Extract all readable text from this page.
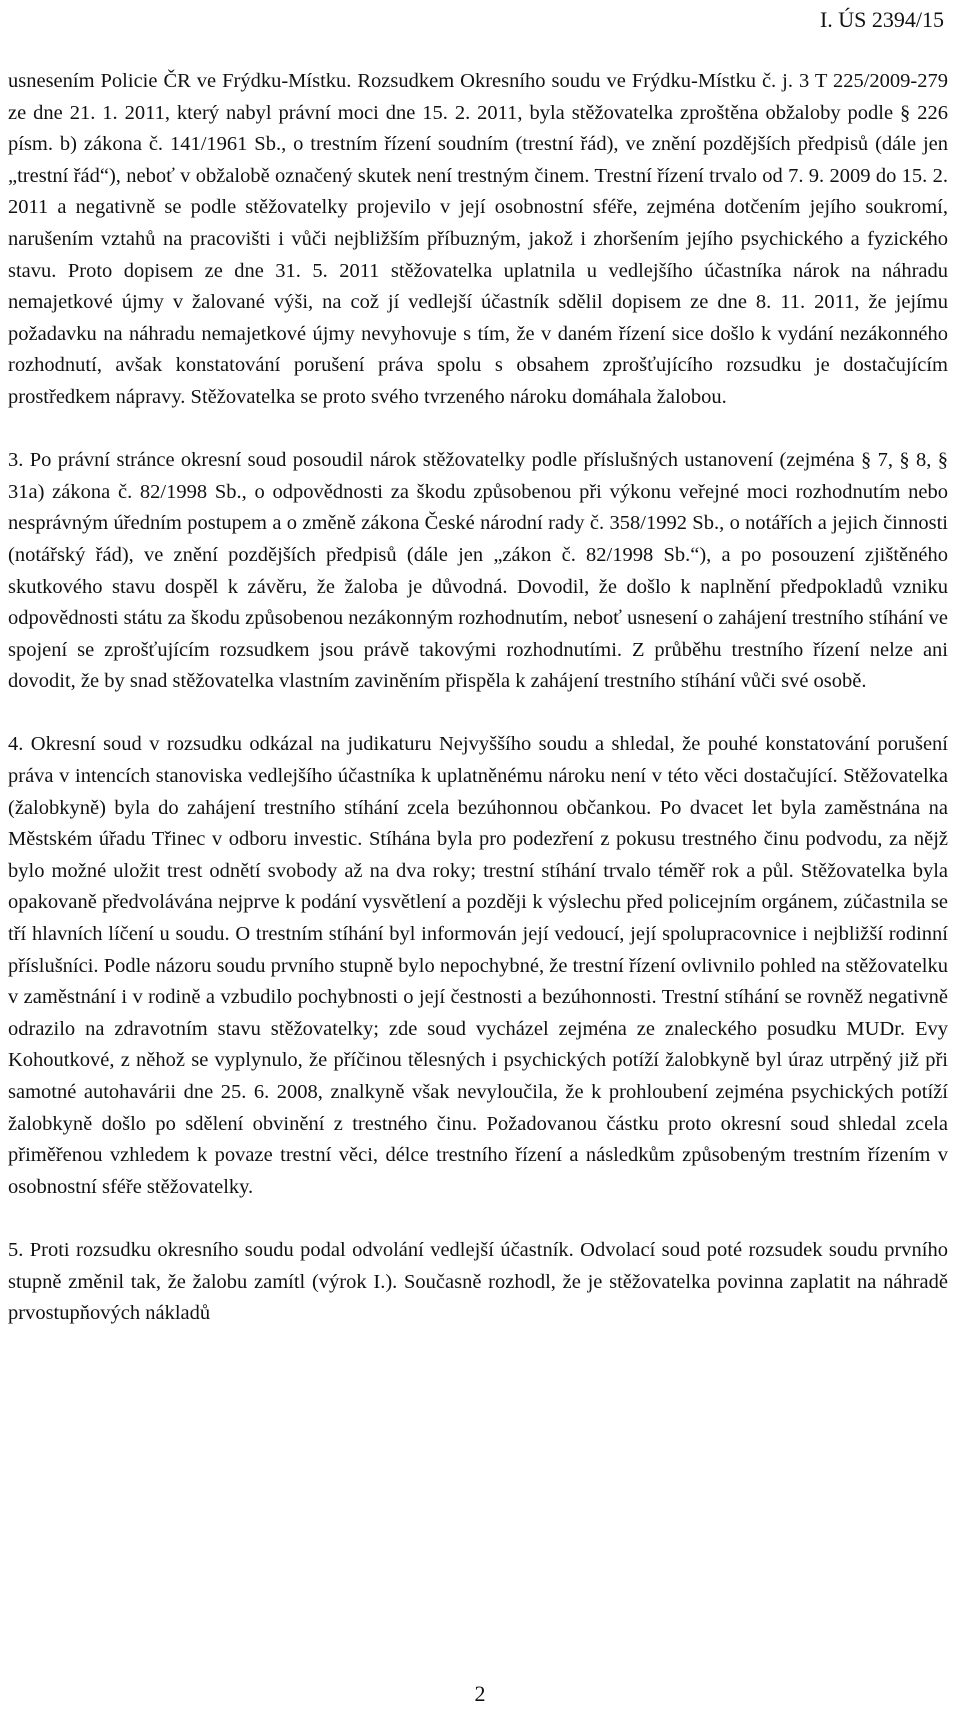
I. ÚS 2394/15

usnesením Policie ČR ve Frýdku-Místku. Rozsudkem Okresního soudu ve Frýdku-Místku č. j. 3 T 225/2009-279 ze dne 21. 1. 2011, který nabyl právní moci dne 15. 2. 2011, byla stěžovatelka zproštěna obžaloby podle § 226 písm. b) zákona č. 141/1961 Sb., o trestním řízení soudním (trestní řád), ve znění pozdějších předpisů (dále jen „trestní řád“), neboť v obžalobě označený skutek není trestným činem. Trestní řízení trvalo od 7. 9. 2009 do 15. 2. 2011 a negativně se podle stěžovatelky projevilo v její osobnostní sféře, zejména dotčením jejího soukromí, narušením vztahů na pracovišti i vůči nejbližším příbuzným, jakož i zhoršením jejího psychického a fyzického stavu. Proto dopisem ze dne 31. 5. 2011 stěžovatelka uplatnila u vedlejšího účastníka nárok na náhradu nemajetkové újmy v žalované výši, na což jí vedlejší účastník sdělil dopisem ze dne 8. 11. 2011, že jejímu požadavku na náhradu nemajetkové újmy nevyhovuje s tím, že v daném řízení sice došlo k vydání nezákonného rozhodnutí, avšak konstatování porušení práva spolu s obsahem zprošťujícího rozsudku je dostačujícím prostředkem nápravy. Stěžovatelka se proto svého tvrzeného nároku domáhala žalobou.

3. Po právní stránce okresní soud posoudil nárok stěžovatelky podle příslušných ustanovení (zejména § 7, § 8, § 31a) zákona č. 82/1998 Sb., o odpovědnosti za škodu způsobenou při výkonu veřejné moci rozhodnutím nebo nesprávným úředním postupem a o změně zákona České národní rady č. 358/1992 Sb., o notářích a jejich činnosti (notářský řád), ve znění pozdějších předpisů (dále jen „zákon č. 82/1998 Sb.“), a po posouzení zjištěného skutkového stavu dospěl k závěru, že žaloba je důvodná. Dovodil, že došlo k naplnění předpokladů vzniku odpovědnosti státu za škodu způsobenou nezákonným rozhodnutím, neboť usnesení o zahájení trestního stíhání ve spojení se zprošťujícím rozsudkem jsou právě takovými rozhodnutími. Z průběhu trestního řízení nelze ani dovodit, že by snad stěžovatelka vlastním zaviněním přispěla k zahájení trestního stíhání vůči své osobě.

4. Okresní soud v rozsudku odkázal na judikaturu Nejvyššího soudu a shledal, že pouhé konstatování porušení práva v intencích stanoviska vedlejšího účastníka k uplatněnému nároku není v této věci dostačující. Stěžovatelka (žalobkyně) byla do zahájení trestního stíhání zcela bezúhonnou občankou. Po dvacet let byla zaměstnána na Městském úřadu Třinec v odboru investic. Stíhána byla pro podezření z pokusu trestného činu podvodu, za nějž bylo možné uložit trest odnětí svobody až na dva roky; trestní stíhání trvalo téměř rok a půl. Stěžovatelka byla opakovaně předvolávána nejprve k podání vysvětlení a později k výslechu před policejním orgánem, zúčastnila se tří hlavních líčení u soudu. O trestním stíhání byl informován její vedoucí, její spolupracovnice i nejbližší rodinní příslušníci. Podle názoru soudu prvního stupně bylo nepochybné, že trestní řízení ovlivnilo pohled na stěžovatelku v zaměstnání i v rodině a vzbudilo pochybnosti o její čestnosti a bezúhonnosti. Trestní stíhání se rovněž negativně odrazilo na zdravotním stavu stěžovatelky; zde soud vycházel zejména ze znaleckého posudku MUDr. Evy Kohoutkové, z něhož se vyplynulo, že příčinou tělesných i psychických potíží žalobkyně byl úraz utrpěný již při samotné autohavárii dne 25. 6. 2008, znalkyně však nevyloučila, že k prohloubení zejména psychických potíží žalobkyně došlo po sdělení obvinění z trestného činu. Požadovanou částku proto okresní soud shledal zcela přiměřenou vzhledem k povaze trestní věci, délce trestního řízení a následkům způsobeným trestním řízením v osobnostní sféře stěžovatelky.

5. Proti rozsudku okresního soudu podal odvolání vedlejší účastník. Odvolací soud poté rozsudek soudu prvního stupně změnil tak, že žalobu zamítl (výrok I.). Současně rozhodl, že je stěžovatelka povinna zaplatit na náhradě prvostupňových nákladů

2
